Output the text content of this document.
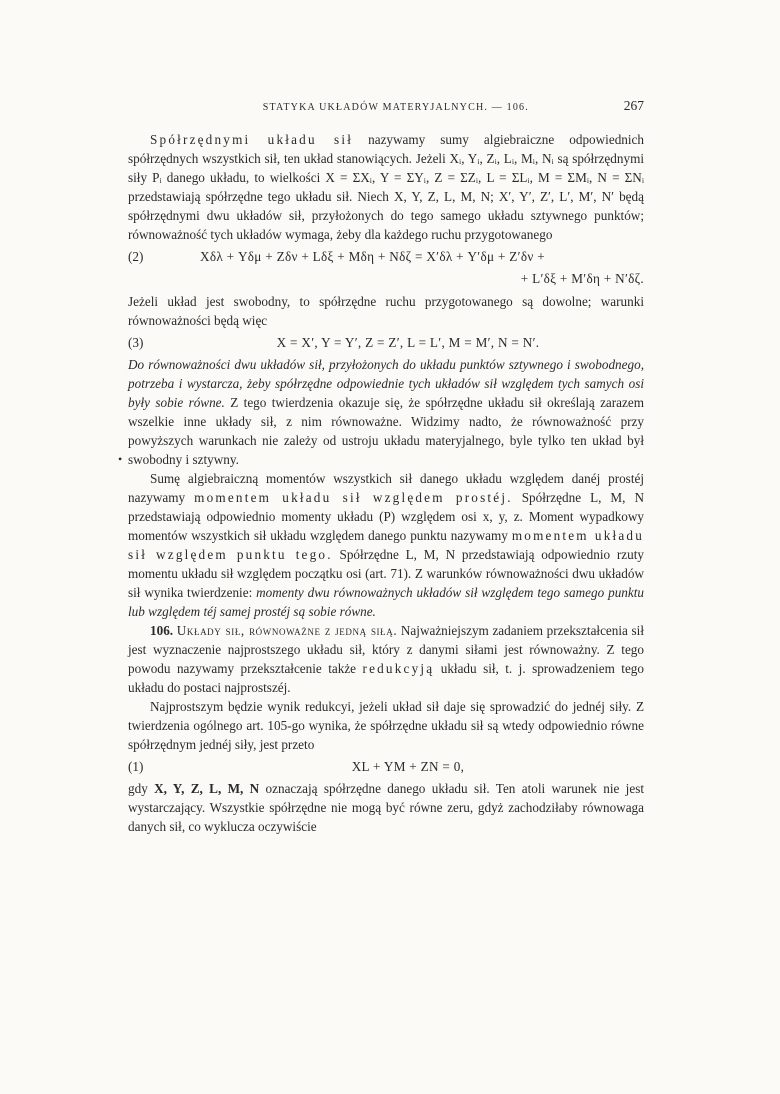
STATYKA UKŁADÓW MATERYJALNYCH. — 106.	267

Spółrzędnymi układu sił nazywamy sumy algiebraiczne odpowiednich spółrzędnych wszystkich sił, ten układ stanowiących. Jeżeli Xᵢ, Yᵢ, Zᵢ, Lᵢ, Mᵢ, Nᵢ są spółrzędnymi siły Pᵢ danego układu, to wielkości X = ΣXᵢ, Y = ΣYᵢ, Z = ΣZᵢ, L = ΣLᵢ, M = ΣMᵢ, N = ΣNᵢ przedstawiają spółrzędne tego układu sił. Niech X, Y, Z, L, M, N; X′, Y′, Z′, L′, M′, N′ będą spółrzędnymi dwu układów sił, przyłożonych do tego samego układu sztywnego punktów; równoważność tych układów wymaga, żeby dla każdego ruchu przygotowanego

(2)	Xδλ + Yδμ + Zδν + Lδξ + Mδη + Nδζ = X′δλ + Y′δμ + Z′δν +

+ L′δξ + M′δη + N′δζ.

Jeżeli układ jest swobodny, to spółrzędne ruchu przygotowanego są dowolne; warunki równoważności będą więc

(3)	X = X′, Y = Y′, Z = Z′, L = L′, M = M′, N = N′.

•
Do równoważności dwu układów sił, przyłożonych do układu punktów sztywnego i swobodnego, potrzeba i wystarcza, żeby spółrzędne odpowiednie tych układów sił względem tych samych osi były sobie równe. Z tego twierdzenia okazuje się, że spółrzędne układu sił określają zarazem wszelkie inne układy sił, z nim równoważne. Widzimy nadto, że równoważność przy powyższych warunkach nie zależy od ustroju układu materyjalnego, byle tylko ten układ był swobodny i sztywny.

Sumę algiebraiczną momentów wszystkich sił danego układu względem danéj prostéj nazywamy momentem układu sił względem prostéj. Spółrzędne L, M, N przedstawiają odpowiednio momenty układu (P) względem osi x, y, z. Moment wypadkowy momentów wszystkich sił układu względem danego punktu nazywamy momentem układu sił względem punktu tego. Spółrzędne L, M, N przedstawiają odpowiednio rzuty momentu układu sił względem początku osi (art. 71). Z warunków równoważności dwu układów sił wynika twierdzenie: momenty dwu równoważnych układów sił względem tego samego punktu lub względem téj samej prostéj są sobie równe.

106. Układy sił, równoważne z jedną siłą. Najważniejszym zadaniem przekształcenia sił jest wyznaczenie najprostszego układu sił, który z danymi siłami jest równoważny. Z tego powodu nazywamy przekształcenie także redukcyją układu sił, t. j. sprowadzeniem tego układu do postaci najprostszéj.

Najprostszym będzie wynik redukcyi, jeżeli układ sił daje się sprowadzić do jednéj siły. Z twierdzenia ogólnego art. 105-go wynika, że spółrzędne układu sił są wtedy odpowiednio równe spółrzędnym jednéj siły, jest przeto

(1)	XL + YM + ZN = 0,

gdy X, Y, Z, L, M, N oznaczają spółrzędne danego układu sił. Ten atoli warunek nie jest wystarczający. Wszystkie spółrzędne nie mogą być równe zeru, gdyż zachodziłaby równowaga danych sił, co wyklucza oczywiście
